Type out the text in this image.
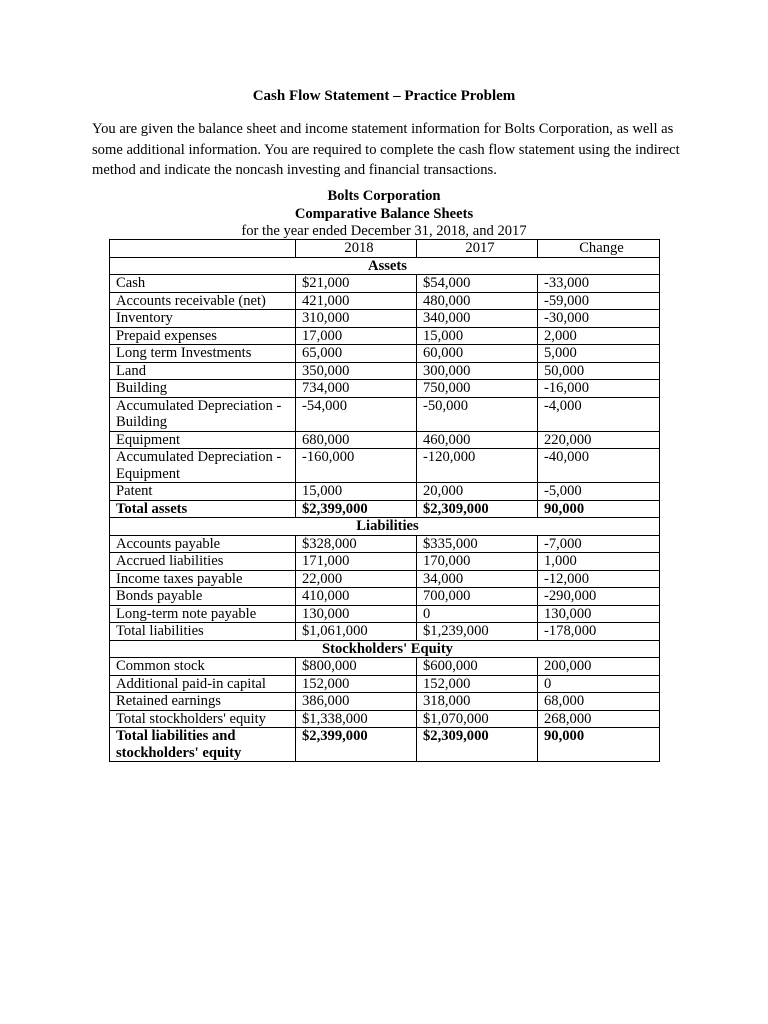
Cash Flow Statement – Practice Problem
You are given the balance sheet and income statement information for Bolts Corporation, as well as some additional information. You are required to complete the cash flow statement using the indirect method and indicate the noncash investing and financial transactions.
Bolts Corporation
Comparative Balance Sheets
for the year ended December 31, 2018, and 2017
	2018	2017	Change
Assets			
Cash	$21,000	$54,000	-33,000
Accounts receivable (net)	421,000	480,000	-59,000
Inventory	310,000	340,000	-30,000
Prepaid expenses	17,000	15,000	2,000
Long term Investments	65,000	60,000	5,000
Land	350,000	300,000	50,000
Building	734,000	750,000	-16,000
Accumulated Depreciation - Building	-54,000	-50,000	-4,000
Equipment	680,000	460,000	220,000
Accumulated Depreciation - Equipment	-160,000	-120,000	-40,000
Patent	15,000	20,000	-5,000
Total assets	$2,399,000	$2,309,000	90,000
Liabilities			
Accounts payable	$328,000	$335,000	-7,000
Accrued liabilities	171,000	170,000	1,000
Income taxes payable	22,000	34,000	-12,000
Bonds payable	410,000	700,000	-290,000
Long-term note payable	130,000	0	130,000
Total liabilities	$1,061,000	$1,239,000	-178,000
Stockholders' Equity			
Common stock	$800,000	$600,000	200,000
Additional paid-in capital	152,000	152,000	0
Retained earnings	386,000	318,000	68,000
Total stockholders' equity	$1,338,000	$1,070,000	268,000
Total liabilities and stockholders' equity	$2,399,000	$2,309,000	90,000
